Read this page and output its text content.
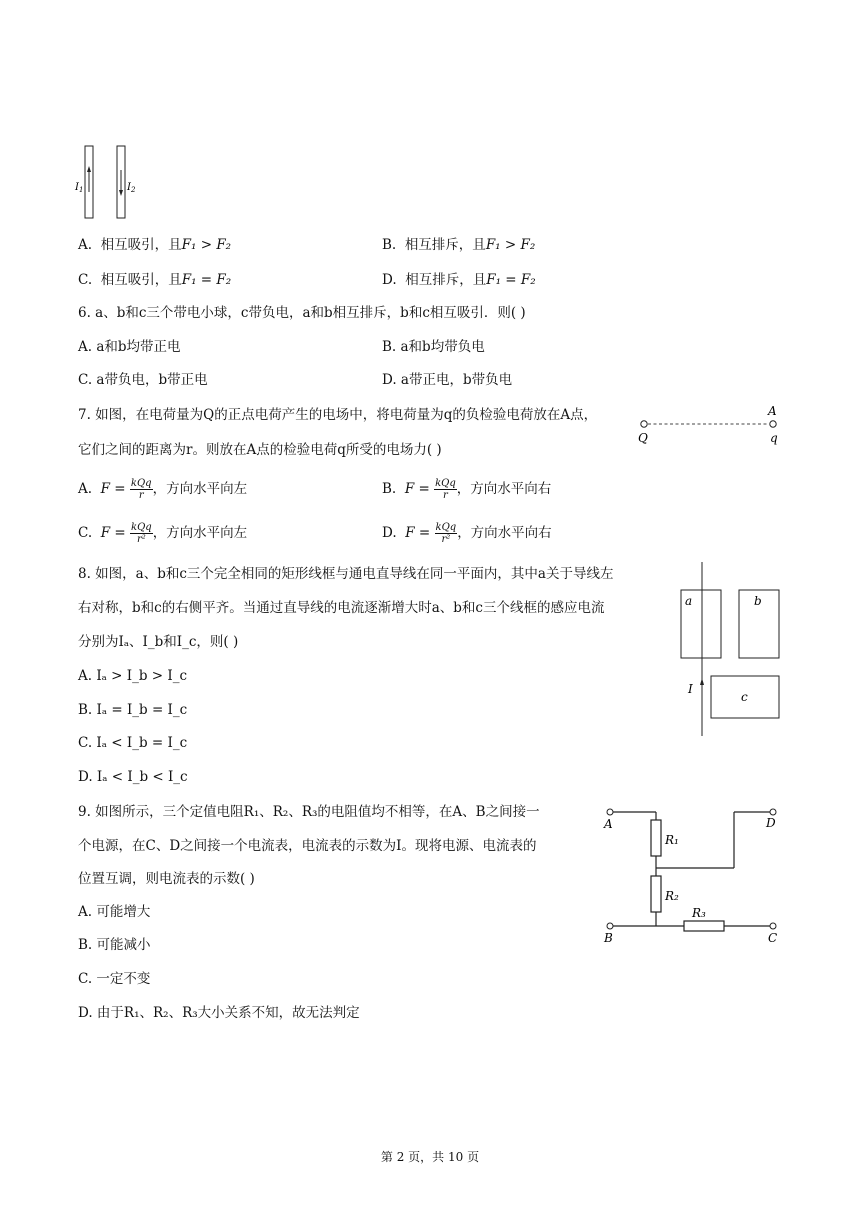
$I_1$	$I_2$
A. 相互吸引，且F₁ > F₂	B. 相互排斥，且F₁ > F₂
C. 相互吸引，且F₁ = F₂	D. 相互排斥，且F₁ = F₂
6. a、b和c三个带电小球，c带负电，a和b相互排斥，b和c相互吸引．则( )
A. a和b均带正电	B. a和b均带负电
C. a带负电，b带正电	D. a带正电，b带负电
7. 如图，在电荷量为Q的正点电荷产生的电场中，将电荷量为q的负检验电荷放在A点，
它们之间的距离为r。则放在A点的检验电荷q所受的电场力( )
Q
A
q
A. $F = \frac{\text{kQq}}{r}$ ，方向水平向左	B. $F = \frac{\text{kQq}}{r}$ ，方向水平向右
C. $F = \frac{\text{kQq}}{\text{r²}}$ ，方向水平向左	D. $F = \frac{\text{kQq}}{\text{r²}}$ ，方向水平向右
8. 如图，a、b和c三个完全相同的矩形线框与通电直导线在同一平面内，其中a关于导线左
右对称，b和c的右侧平齐。当通过直导线的电流逐渐增大时a、b和c三个线框的感应电流
分别为Iₐ、I_b和I_c，则( )
a	b
c
I
A. Iₐ > I_b > I_c
B. Iₐ = I_b = I_c
C. Iₐ < I_b = I_c
D. Iₐ < I_b < I_c
9. 如图所示，三个定值电阻R₁、R₂、R₃的电阻值均不相等，在A、B之间接一
个电源，在C、D之间接一个电流表，电流表的示数为I。现将电源、电流表的
位置互调，则电流表的示数( )
A	D
B	C
R₁
R₂
R₃
A. 可能增大
B. 可能减小
C. 一定不变
D. 由于R₁、R₂、R₃大小关系不知，故无法判定
第 2 页，共 10 页
